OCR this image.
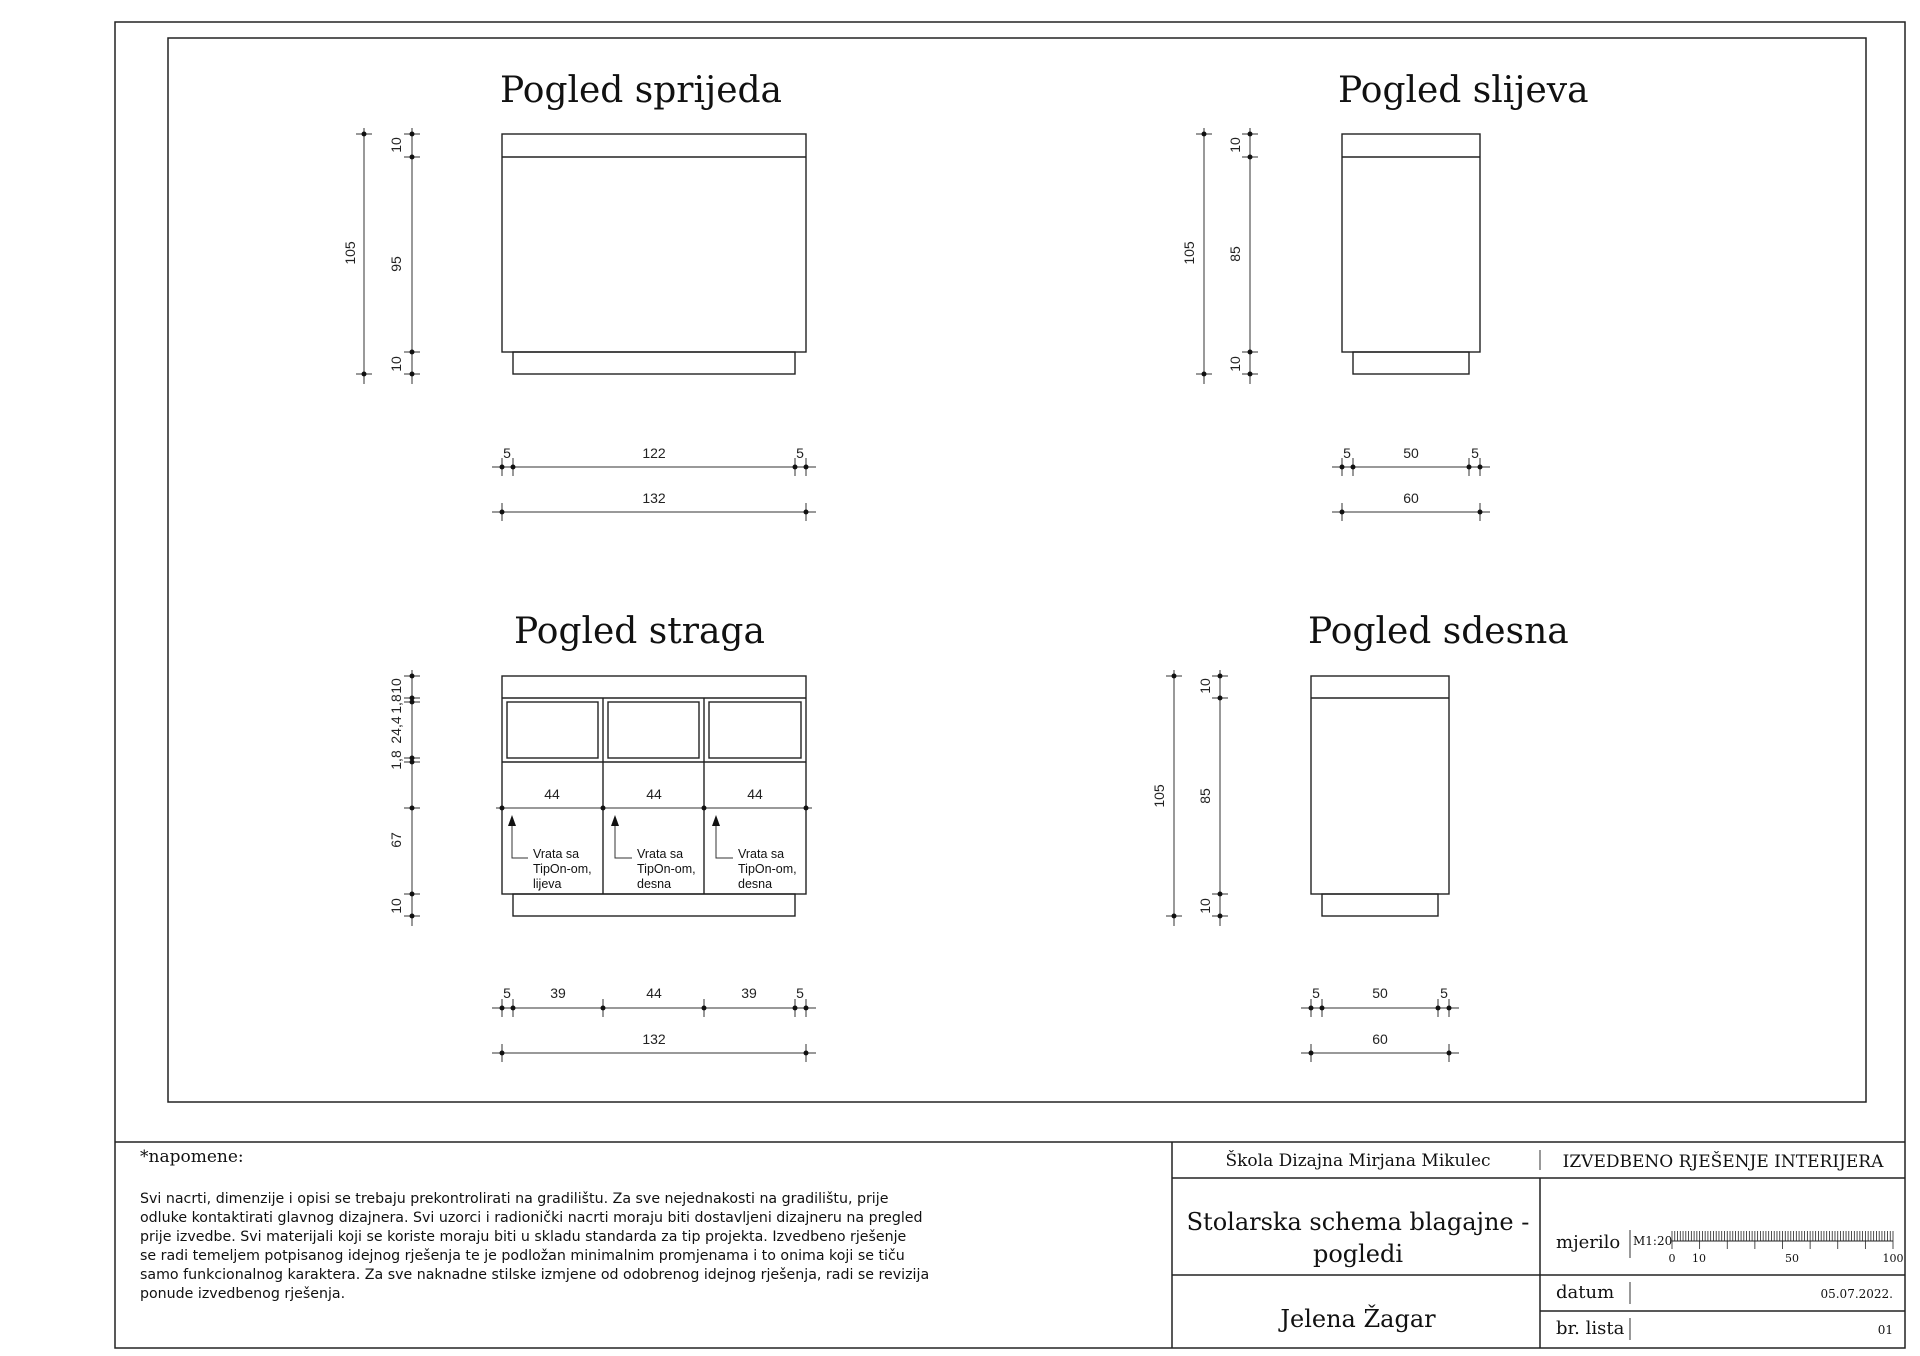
Pogled sprijeda
105
10
95
10
5	122	5
132
Pogled slijeva
105
10
85
10
5	50	5
60
Pogled straga
44	44	44
Vrata sa
TipOn-om,
lijeva
Vrata sa
TipOn-om,
desna
Vrata sa
TipOn-om,
desna
10
1,8
24,4
1,8
67
10
5	39	44	39	5
132
Pogled sdesna
105
10
85
10
5	50	5
60
*napomene:
Svi nacrti, dimenzije i opisi se trebaju prekontrolirati na gradilištu. Za sve nejednakosti na gradilištu, prije
odluke kontaktirati glavnog dizajnera. Svi uzorci i radionički nacrti moraju biti dostavljeni dizajneru na pregled
prije izvedbe. Svi materijali koji se koriste moraju biti u skladu standarda za tip projekta. Izvedbeno rješenje
se radi temeljem potpisanog idejnog rješenja te je podložan minimalnim promjenama i to onima koji se tiču
samo funkcionalnog karaktera. Za sve naknadne stilske izmjene od odobrenog idejnog rješenja, radi se revizija
ponude izvedbenog rješenja.
Škola Dizajna Mirjana Mikulec	IZVEDBENO RJEŠENJE INTERIJERA
Stolarska schema blagajne -
pogledi
Jelena Žagar
mjerilo M1:20
0 10	50	100
datum	05.07.2022.
br. lista	01
